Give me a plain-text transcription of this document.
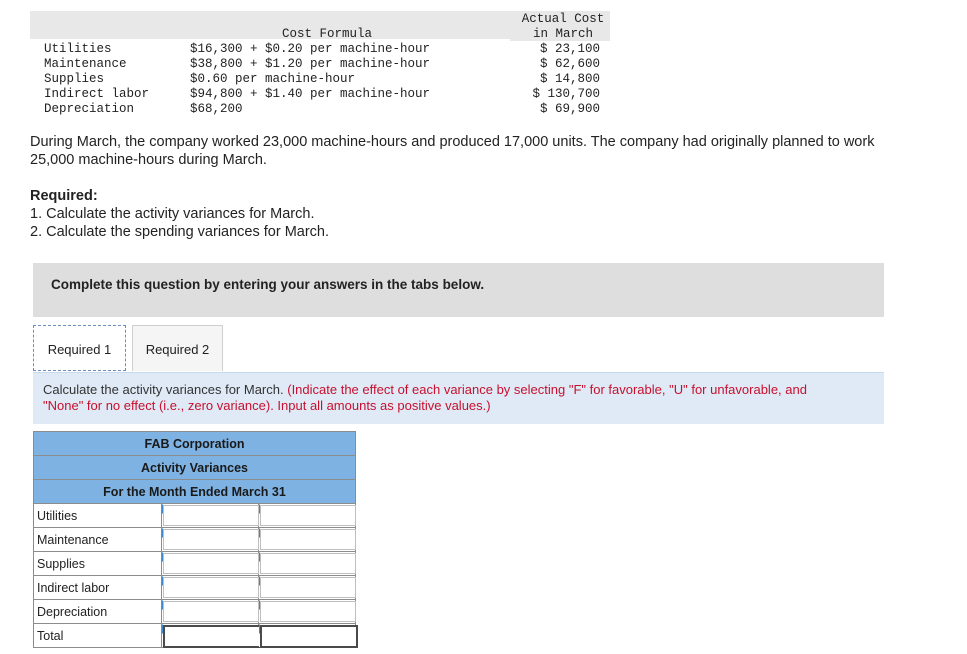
Cost Formula
Actual Cost
in March
Utilities	$16,300 + $0.20 per machine-hour	$ 23,100
Maintenance	$38,800 + $1.20 per machine-hour	$ 62,600
Supplies	$0.60 per machine-hour	$ 14,800
Indirect labor	$94,800 + $1.40 per machine-hour	$ 130,700
Depreciation	$68,200	$ 69,900
During March, the company worked 23,000 machine-hours and produced 17,000 units. The company had originally planned to work
25,000 machine-hours during March.
Required:
1. Calculate the activity variances for March.
2. Calculate the spending variances for March.
Complete this question by entering your answers in the tabs below.
Required 1	Required 2

Calculate the activity variances for March. (Indicate the effect of each variance by selecting "F" for favorable, "U" for unfavorable, and "None" for no effect (i.e., zero variance). Input all amounts as positive values.)

FAB Corporation		
Activity Variances		
For the Month Ended March 31		
Utilities	

Maintenance	

Supplies	

Indirect labor	

Depreciation	

Total	
